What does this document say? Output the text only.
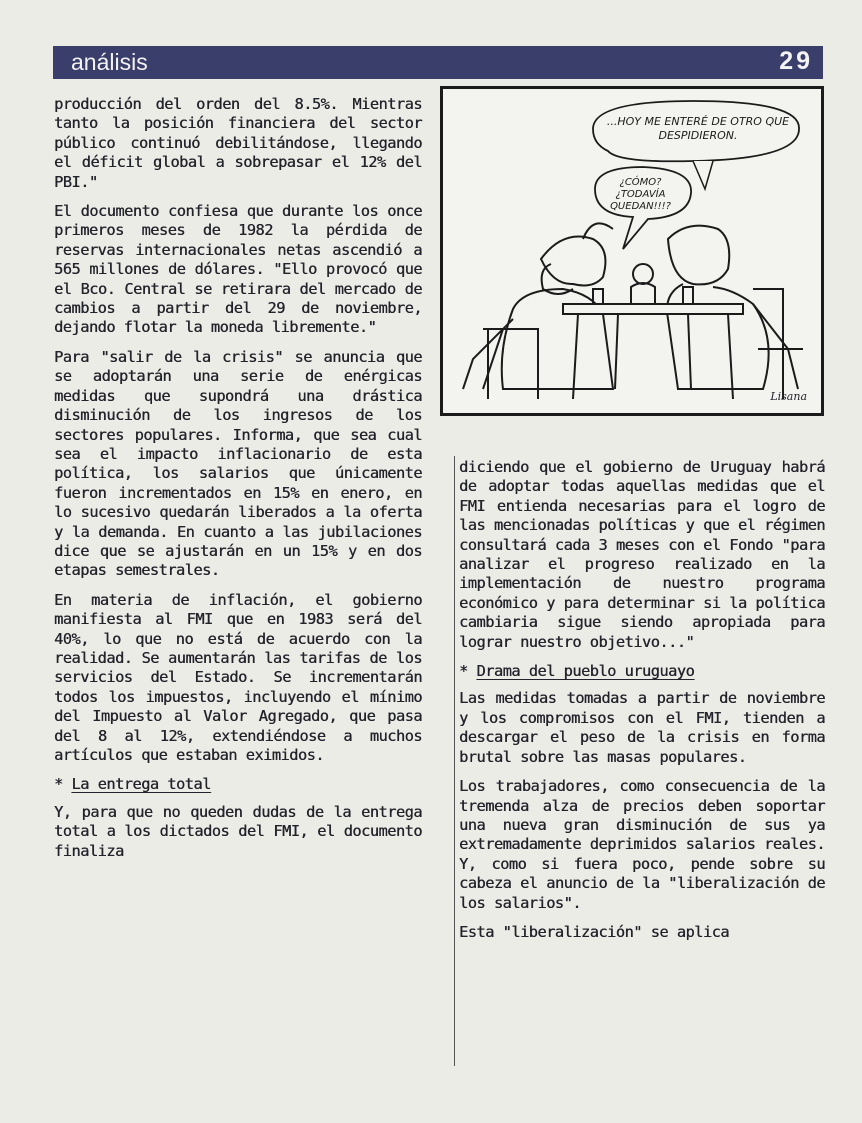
análisis	29
...HOY ME ENTERÉ DE OTRO QUE DESPIDIERON.
¿CÓMO? ¿TODAVÍA QUEDAN!!!?
Lisana

producción del orden del 8.5%. Mientras tanto la posición financiera del sector público continuó debilitándose, llegando el déficit global a sobrepasar el 12% del PBI."

El documento confiesa que durante los once primeros meses de 1982 la pérdida de reservas internacionales netas ascendió a 565 millones de dólares. "Ello provocó que el Bco. Central se retirara del mercado de cambios a partir del 29 de noviembre, dejando flotar la moneda libremente."

Para "salir de la crisis" se anuncia que se adoptarán una serie de enérgicas medidas que supondrá una drástica disminución de los ingresos de los sectores populares. Informa, que sea cual sea el impacto inflacionario de esta política, los salarios que únicamente fueron incrementados en 15% en enero, en lo sucesivo quedarán liberados a la oferta y la demanda. En cuanto a las jubilaciones dice que se ajustarán en un 15% y en dos etapas semestrales.

En materia de inflación, el gobierno manifiesta al FMI que en 1983 será del 40%, lo que no está de acuerdo con la realidad. Se aumentarán las tarifas de los servicios del Estado. Se incrementarán todos los impuestos, incluyendo el mínimo del Impuesto al Valor Agregado, que pasa del 8 al 12%, extendiéndose a muchos artículos que estaban eximidos.

* La entrega total

Y, para que no queden dudas de la entrega total a los dictados del FMI, el documento finaliza

diciendo que el gobierno de Uruguay habrá de adoptar todas aquellas medidas que el FMI entienda necesarias para el logro de las mencionadas políticas y que el régimen consultará cada 3 meses con el Fondo "para analizar el progreso realizado en la implementación de nuestro programa económico y para determinar si la política cambiaria sigue siendo apropiada para lograr nuestro objetivo..."

* Drama del pueblo uruguayo

Las medidas tomadas a partir de noviembre y los compromisos con el FMI, tienden a descargar el peso de la crisis en forma brutal sobre las masas populares.

Los trabajadores, como consecuencia de la tremenda alza de precios deben soportar una nueva gran disminución de sus ya extremadamente deprimidos salarios reales. Y, como si fuera poco, pende sobre su cabeza el anuncio de la "liberalización de los salarios".

Esta "liberalización" se aplica
